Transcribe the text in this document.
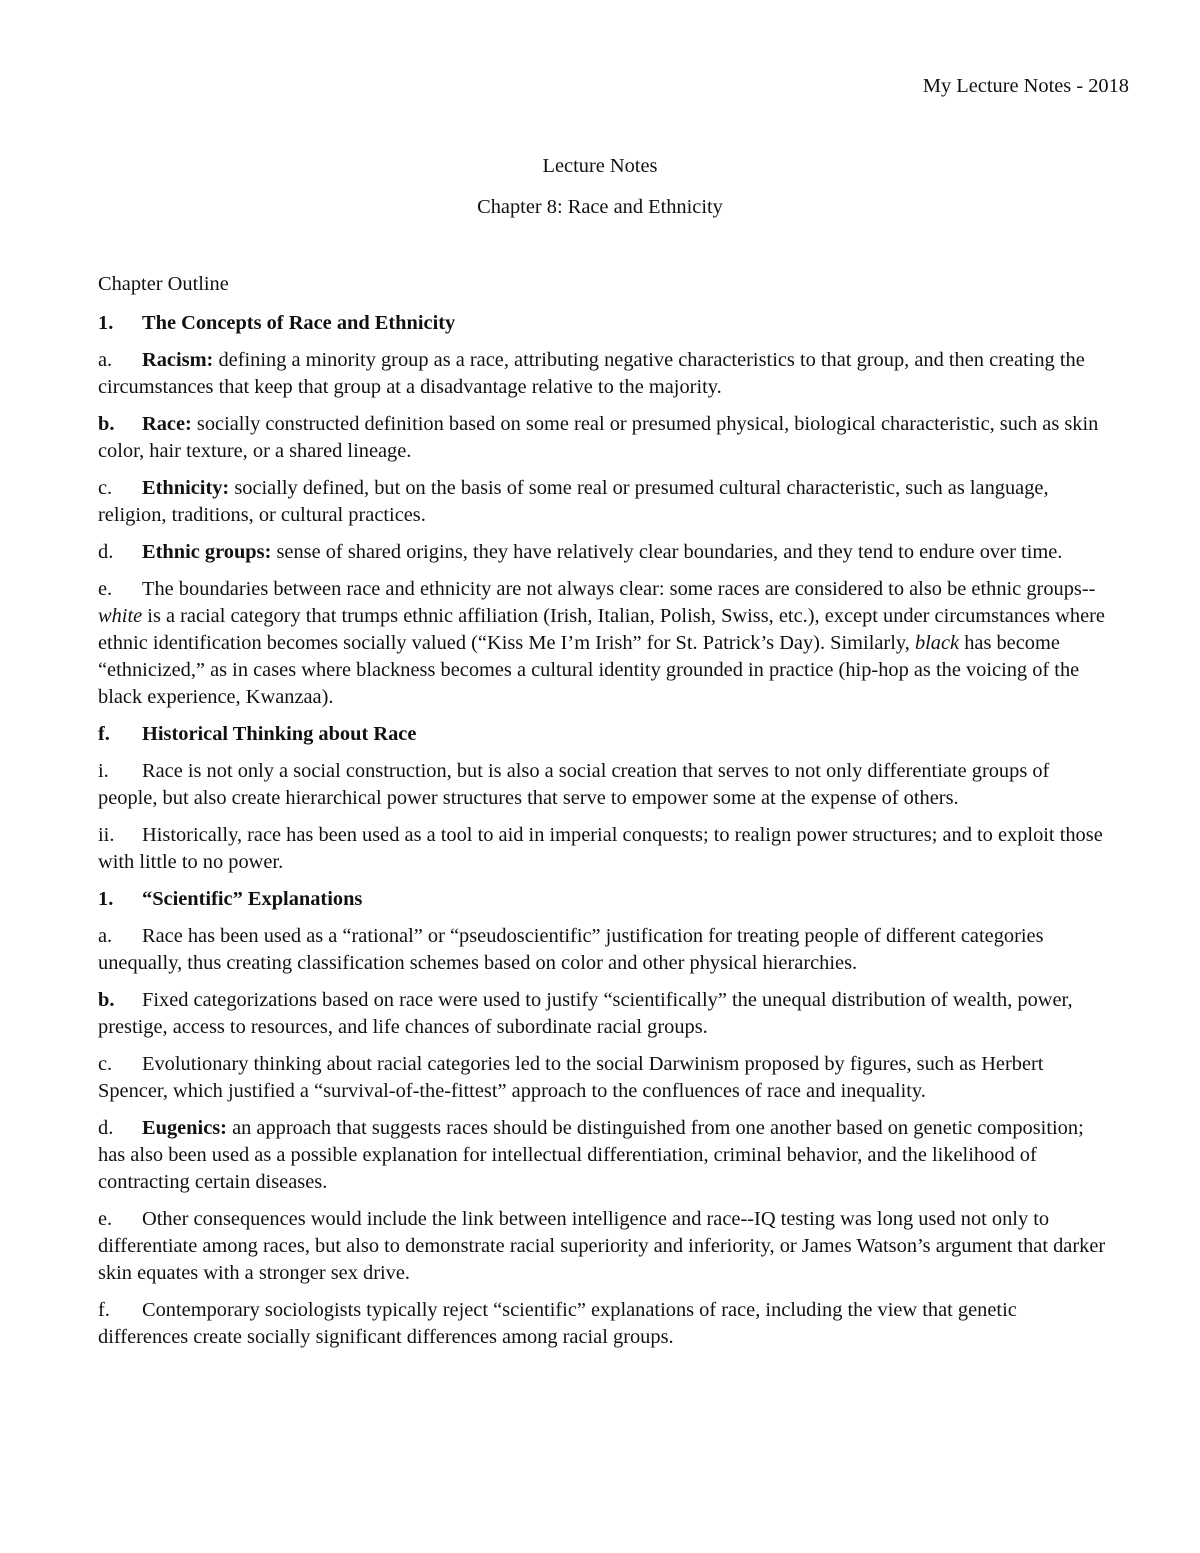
My Lecture Notes - 2018
Lecture Notes
Chapter 8: Race and Ethnicity

Chapter Outline

1. The Concepts of Race and Ethnicity

a. Racism: defining a minority group as a race, attributing negative characteristics to that group, and then creating the circumstances that keep that group at a disadvantage relative to the majority.

b. Race: socially constructed definition based on some real or presumed physical, biological characteristic, such as skin color, hair texture, or a shared lineage.

c. Ethnicity: socially defined, but on the basis of some real or presumed cultural characteristic, such as language, religion, traditions, or cultural practices.

d. Ethnic groups: sense of shared origins, they have relatively clear boundaries, and they tend to endure over time.

e. The boundaries between race and ethnicity are not always clear: some races are considered to also be ethnic groups--white is a racial category that trumps ethnic affiliation (Irish, Italian, Polish, Swiss, etc.), except under circumstances where ethnic identification becomes socially valued (“Kiss Me I’m Irish” for St. Patrick’s Day). Similarly, black has become “ethnicized,” as in cases where blackness becomes a cultural identity grounded in practice (hip-hop as the voicing of the black experience, Kwanzaa).

f. Historical Thinking about Race

i. Race is not only a social construction, but is also a social creation that serves to not only differentiate groups of people, but also create hierarchical power structures that serve to empower some at the expense of others.

ii. Historically, race has been used as a tool to aid in imperial conquests; to realign power structures; and to exploit those with little to no power.

1. “Scientific” Explanations

a. Race has been used as a “rational” or “pseudoscientific” justification for treating people of different categories unequally, thus creating classification schemes based on color and other physical hierarchies.

b. Fixed categorizations based on race were used to justify “scientifically” the unequal distribution of wealth, power, prestige, access to resources, and life chances of subordinate racial groups.

c. Evolutionary thinking about racial categories led to the social Darwinism proposed by figures, such as Herbert Spencer, which justified a “survival-of-the-fittest” approach to the confluences of race and inequality.

d. Eugenics: an approach that suggests races should be distinguished from one another based on genetic composition; has also been used as a possible explanation for intellectual differentiation, criminal behavior, and the likelihood of contracting certain diseases.

e. Other consequences would include the link between intelligence and race--IQ testing was long used not only to differentiate among races, but also to demonstrate racial superiority and inferiority, or James Watson’s argument that darker skin equates with a stronger sex drive.

f. Contemporary sociologists typically reject “scientific” explanations of race, including the view that genetic differences create socially significant differences among racial groups.
